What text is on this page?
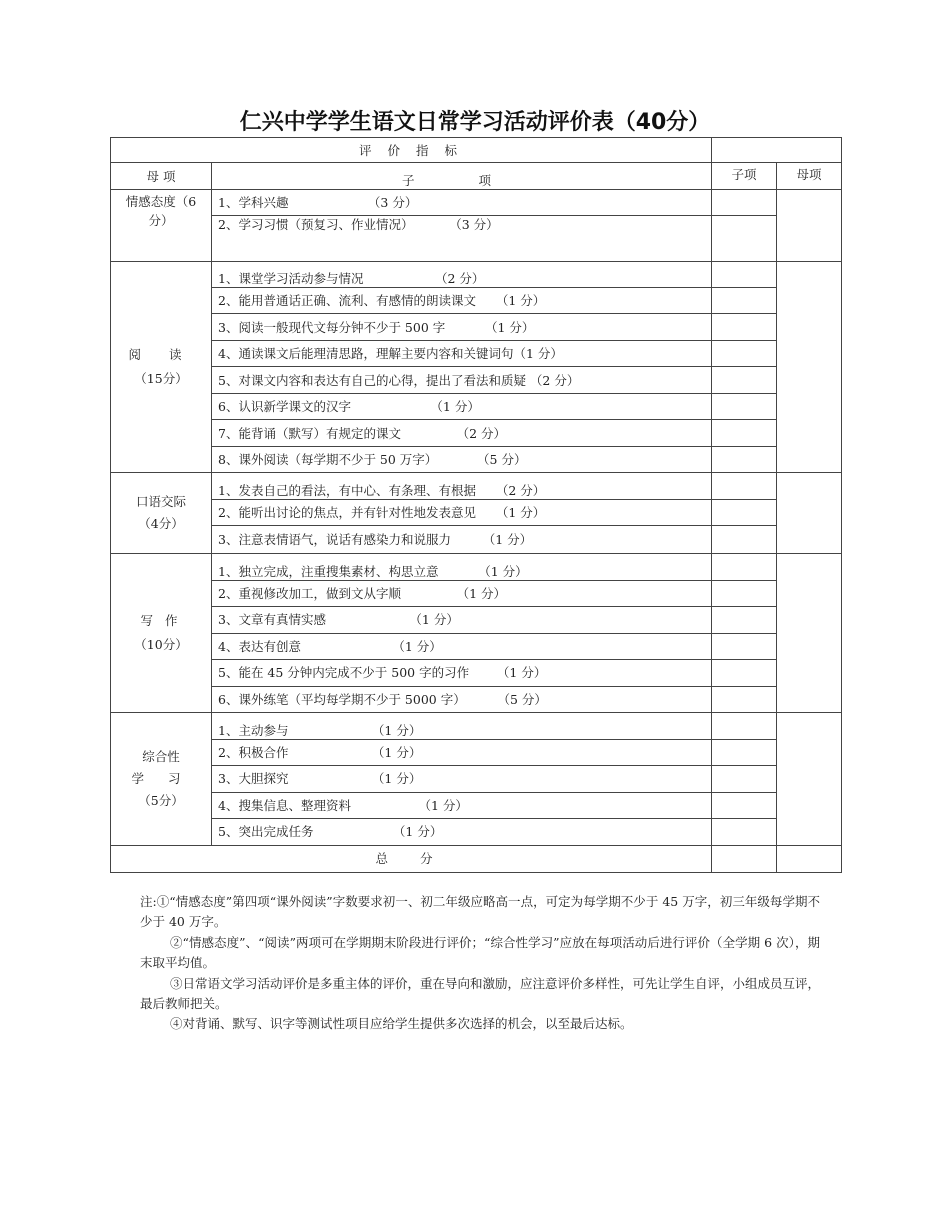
仁兴中学学生语文日常学习活动评价表（40分）
评 价 指 标			
母 项	子 项	子项	母项

情感态度（6分）	1、学科兴趣                    （3 分）		
	2、学习习惯（预复习、作业情况）         （3 分）		

阅 读
（15分）	1、课堂学习活动参与情况                  （2 分）		
	2、能用普通话正确、流利、有感情的朗读课文     （1 分）		
	3、阅读一般现代文每分钟不少于 500 字          （1 分）		
	4、通读课文后能理清思路，理解主要内容和关键词句（1 分）		
	5、对课文内容和表达有自己的心得，提出了看法和质疑 （2 分）		
	6、认识新学课文的汉字                    （1 分）		
	7、能背诵（默写）有规定的课文              （2 分）		
	8、课外阅读（每学期不少于 50 万字）          （5 分）		

口语交际
（4分）	1、发表自己的看法，有中心、有条理、有根据     （2 分）		
	2、能听出讨论的焦点，并有针对性地发表意见     （1 分）		
	3、注意表情语气，说话有感染力和说服力        （1 分）		

写 作
（10分）	1、独立完成，注重搜集素材、构思立意          （1 分）		
	2、重视修改加工，做到文从字顺              （1 分）		
	3、文章有真情实感                     （1 分）		
	4、表达有创意                       （1 分）		
	5、能在 45 分钟内完成不少于 500 字的习作       （1 分）		
	6、课外练笔（平均每学期不少于 5000 字）        （5 分）		

综合性
学 习
（5分）	1、主动参与                     （1 分）		
	2、积极合作                     （1 分）		
	3、大胆探究                     （1 分）		
	4、搜集信息、整理资料                 （1 分）		
	5、突出完成任务                    （1 分）		
总 分			

注:①“情感态度”第四项“课外阅读”字数要求初一、初二年级应略高一点，可定为每学期不少于 45 万字，初三年级每学期不少于 40 万字。

②“情感态度”、“阅读”两项可在学期期末阶段进行评价；“综合性学习”应放在每项活动后进行评价（全学期 6 次），期末取平均值。

③日常语文学习活动评价是多重主体的评价，重在导向和激励，应注意评价多样性，可先让学生自评，小组成员互评，最后教师把关。

④对背诵、默写、识字等测试性项目应给学生提供多次选择的机会，以至最后达标。
